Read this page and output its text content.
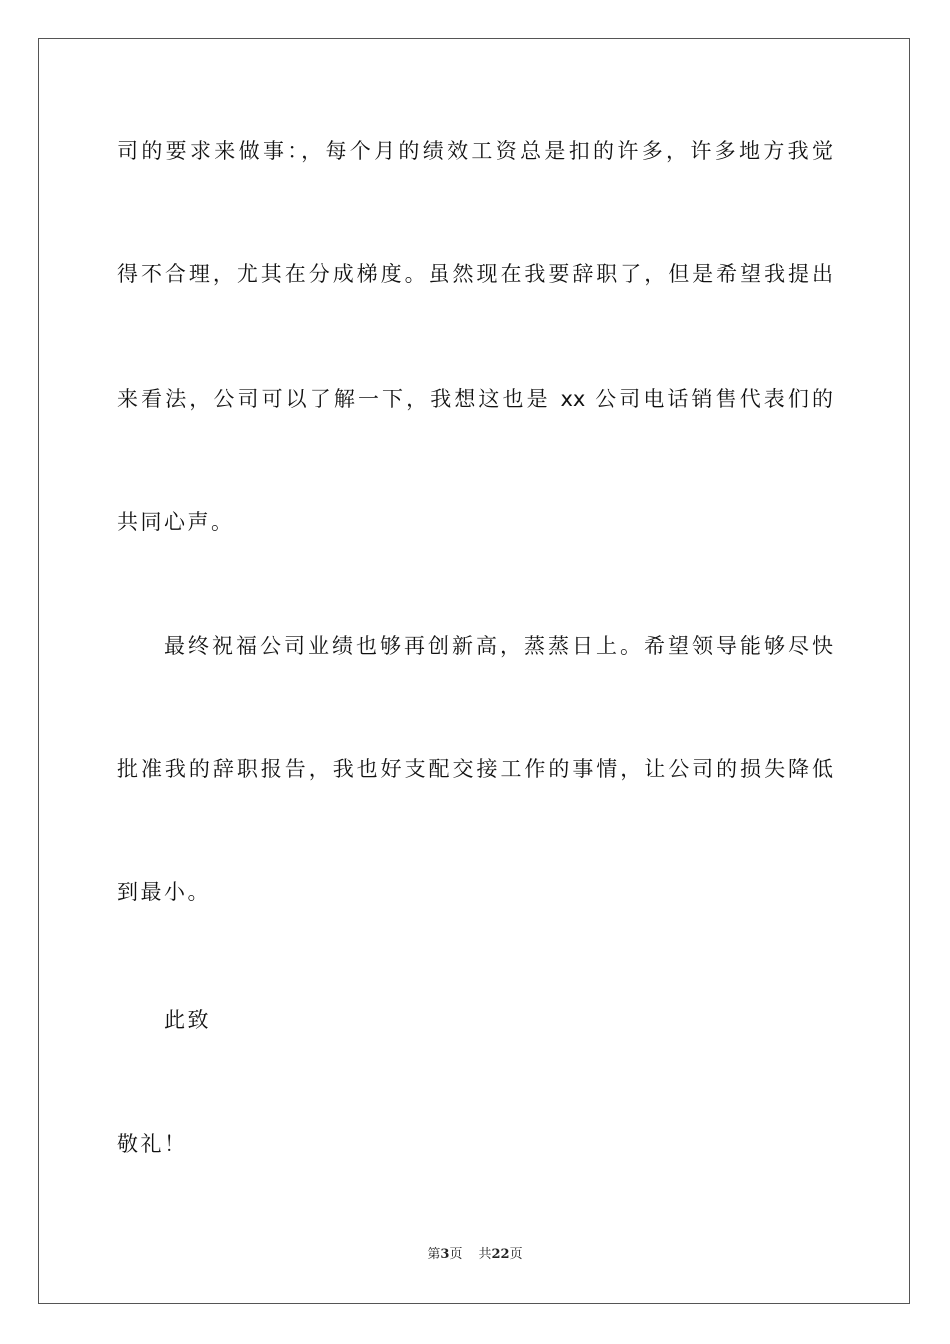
司的要求来做事：，每个月的绩效工资总是扣的许多，许多地方我觉
得不合理，尤其在分成梯度。虽然现在我要辞职了，但是希望我提出
来看法，公司可以了解一下，我想这也是 xx 公司电话销售代表们的
共同心声。
最终祝福公司业绩也够再创新高，蒸蒸日上。希望领导能够尽快
批准我的辞职报告，我也好支配交接工作的事情，让公司的损失降低
到最小。
此致
敬礼！
第3页 共22页
